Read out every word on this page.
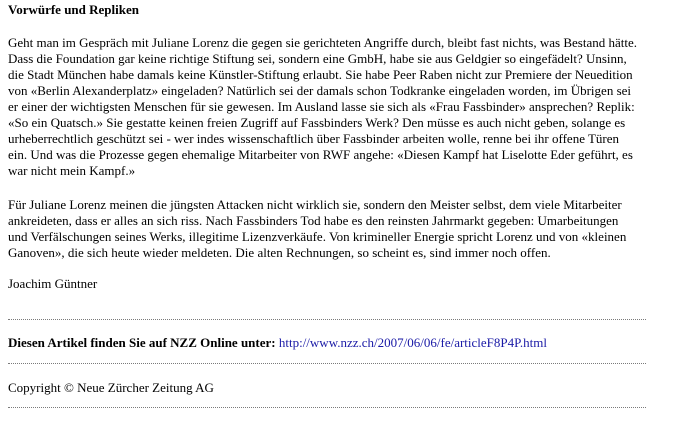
Vorwürfe und Repliken

Geht man im Gespräch mit Juliane Lorenz die gegen sie gerichteten Angriffe durch, bleibt fast nichts, was Bestand hätte. Dass die Foundation gar keine richtige Stiftung sei, sondern eine GmbH, habe sie aus Geldgier so eingefädelt? Unsinn, die Stadt München habe damals keine Künstler-Stiftung erlaubt. Sie habe Peer Raben nicht zur Premiere der Neuedition von «Berlin Alexanderplatz» eingeladen? Natürlich sei der damals schon Todkranke eingeladen worden, im Übrigen sei er einer der wichtigsten Menschen für sie gewesen. Im Ausland lasse sie sich als «Frau Fassbinder» ansprechen? Replik: «So ein Quatsch.» Sie gestatte keinen freien Zugriff auf Fassbinders Werk? Den müsse es auch nicht geben, solange es urheberrechtlich geschützt sei - wer indes wissenschaftlich über Fassbinder arbeiten wolle, renne bei ihr offene Türen ein. Und was die Prozesse gegen ehemalige Mitarbeiter von RWF angehe: «Diesen Kampf hat Liselotte Eder geführt, es war nicht mein Kampf.»

Für Juliane Lorenz meinen die jüngsten Attacken nicht wirklich sie, sondern den Meister selbst, dem viele Mitarbeiter ankreideten, dass er alles an sich riss. Nach Fassbinders Tod habe es den reinsten Jahrmarkt gegeben: Umarbeitungen und Verfälschungen seines Werks, illegitime Lizenzverkäufe. Von krimineller Energie spricht Lorenz und von «kleinen Ganoven», die sich heute wieder meldeten. Die alten Rechnungen, so scheint es, sind immer noch offen.

Joachim Güntner

Diesen Artikel finden Sie auf NZZ Online unter: http://www.nzz.ch/2007/06/06/fe/articleF8P4P.html

Copyright © Neue Zürcher Zeitung AG
